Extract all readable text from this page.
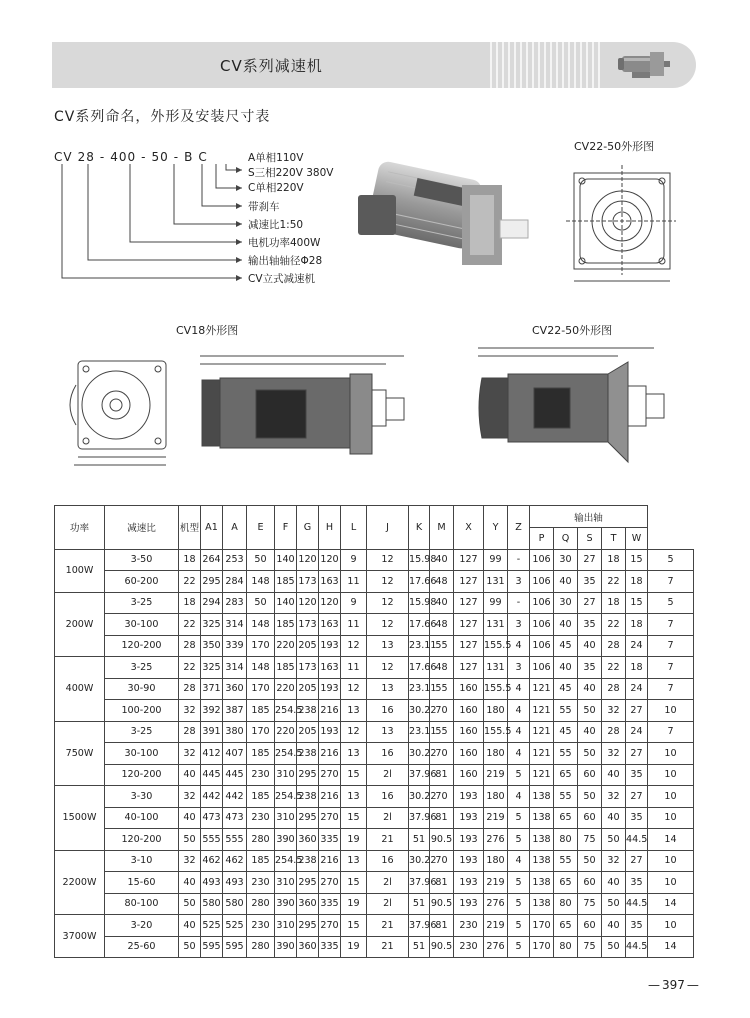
CV系列减速机
CV系列命名，外形及安装尺寸表
CV 28 - 400 - 50 - B C	A单相110V
S三相220V 380V
C单相220V
带刹车
减速比1:50
电机功率400W
输出轴轴径Φ28
CV立式减速机
CV22-50外形图
CV18外形图	CV22-50外形图
功率	减速比	机型	A1	A	E	F	G	H	L	J	K	M	X	Y	Z	输出轴					
																P	Q	S	T	W	
100W	3-50	18	264	253	50	140	120	120	9	12	15.98	40	127	99	-	106	30	27	18	15	5
	60-200	22	295	284	148	185	173	163	11	12	17.66	48	127	131	3	106	40	35	22	18	7
200W	3-25	18	294	283	50	140	120	120	9	12	15.98	40	127	99	-	106	30	27	18	15	5
	30-100	22	325	314	148	185	173	163	11	12	17.66	48	127	131	3	106	40	35	22	18	7
	120-200	28	350	339	170	220	205	193	12	13	23.11	55	127	155.5	4	106	45	40	28	24	7
400W	3-25	22	325	314	148	185	173	163	11	12	17.66	48	127	131	3	106	40	35	22	18	7
	30-90	28	371	360	170	220	205	193	12	13	23.11	55	160	155.5	4	121	45	40	28	24	7
	100-200	32	392	387	185	254.5	238	216	13	16	30.22	70	160	180	4	121	55	50	32	27	10
750W	3-25	28	391	380	170	220	205	193	12	13	23.11	55	160	155.5	4	121	45	40	28	24	7
	30-100	32	412	407	185	254.5	238	216	13	16	30.22	70	160	180	4	121	55	50	32	27	10
	120-200	40	445	445	230	310	295	270	15	2l	37.96	81	160	219	5	121	65	60	40	35	10
1500W	3-30	32	442	442	185	254.5	238	216	13	16	30.22	70	193	180	4	138	55	50	32	27	10
	40-100	40	473	473	230	310	295	270	15	2l	37.96	81	193	219	5	138	65	60	40	35	10
	120-200	50	555	555	280	390	360	335	19	21	51	90.5	193	276	5	138	80	75	50	44.5	14
2200W	3-10	32	462	462	185	254.5	238	216	13	16	30.22	70	193	180	4	138	55	50	32	27	10
	15-60	40	493	493	230	310	295	270	15	2l	37.96	81	193	219	5	138	65	60	40	35	10
	80-100	50	580	580	280	390	360	335	19	2l	51	90.5	193	276	5	138	80	75	50	44.5	14
3700W	3-20	40	525	525	230	310	295	270	15	21	37.96	81	230	219	5	170	65	60	40	35	10
	25-60	50	595	595	280	390	360	335	19	21	51	90.5	230	276	5	170	80	75	50	44.5	14
— 397 —
